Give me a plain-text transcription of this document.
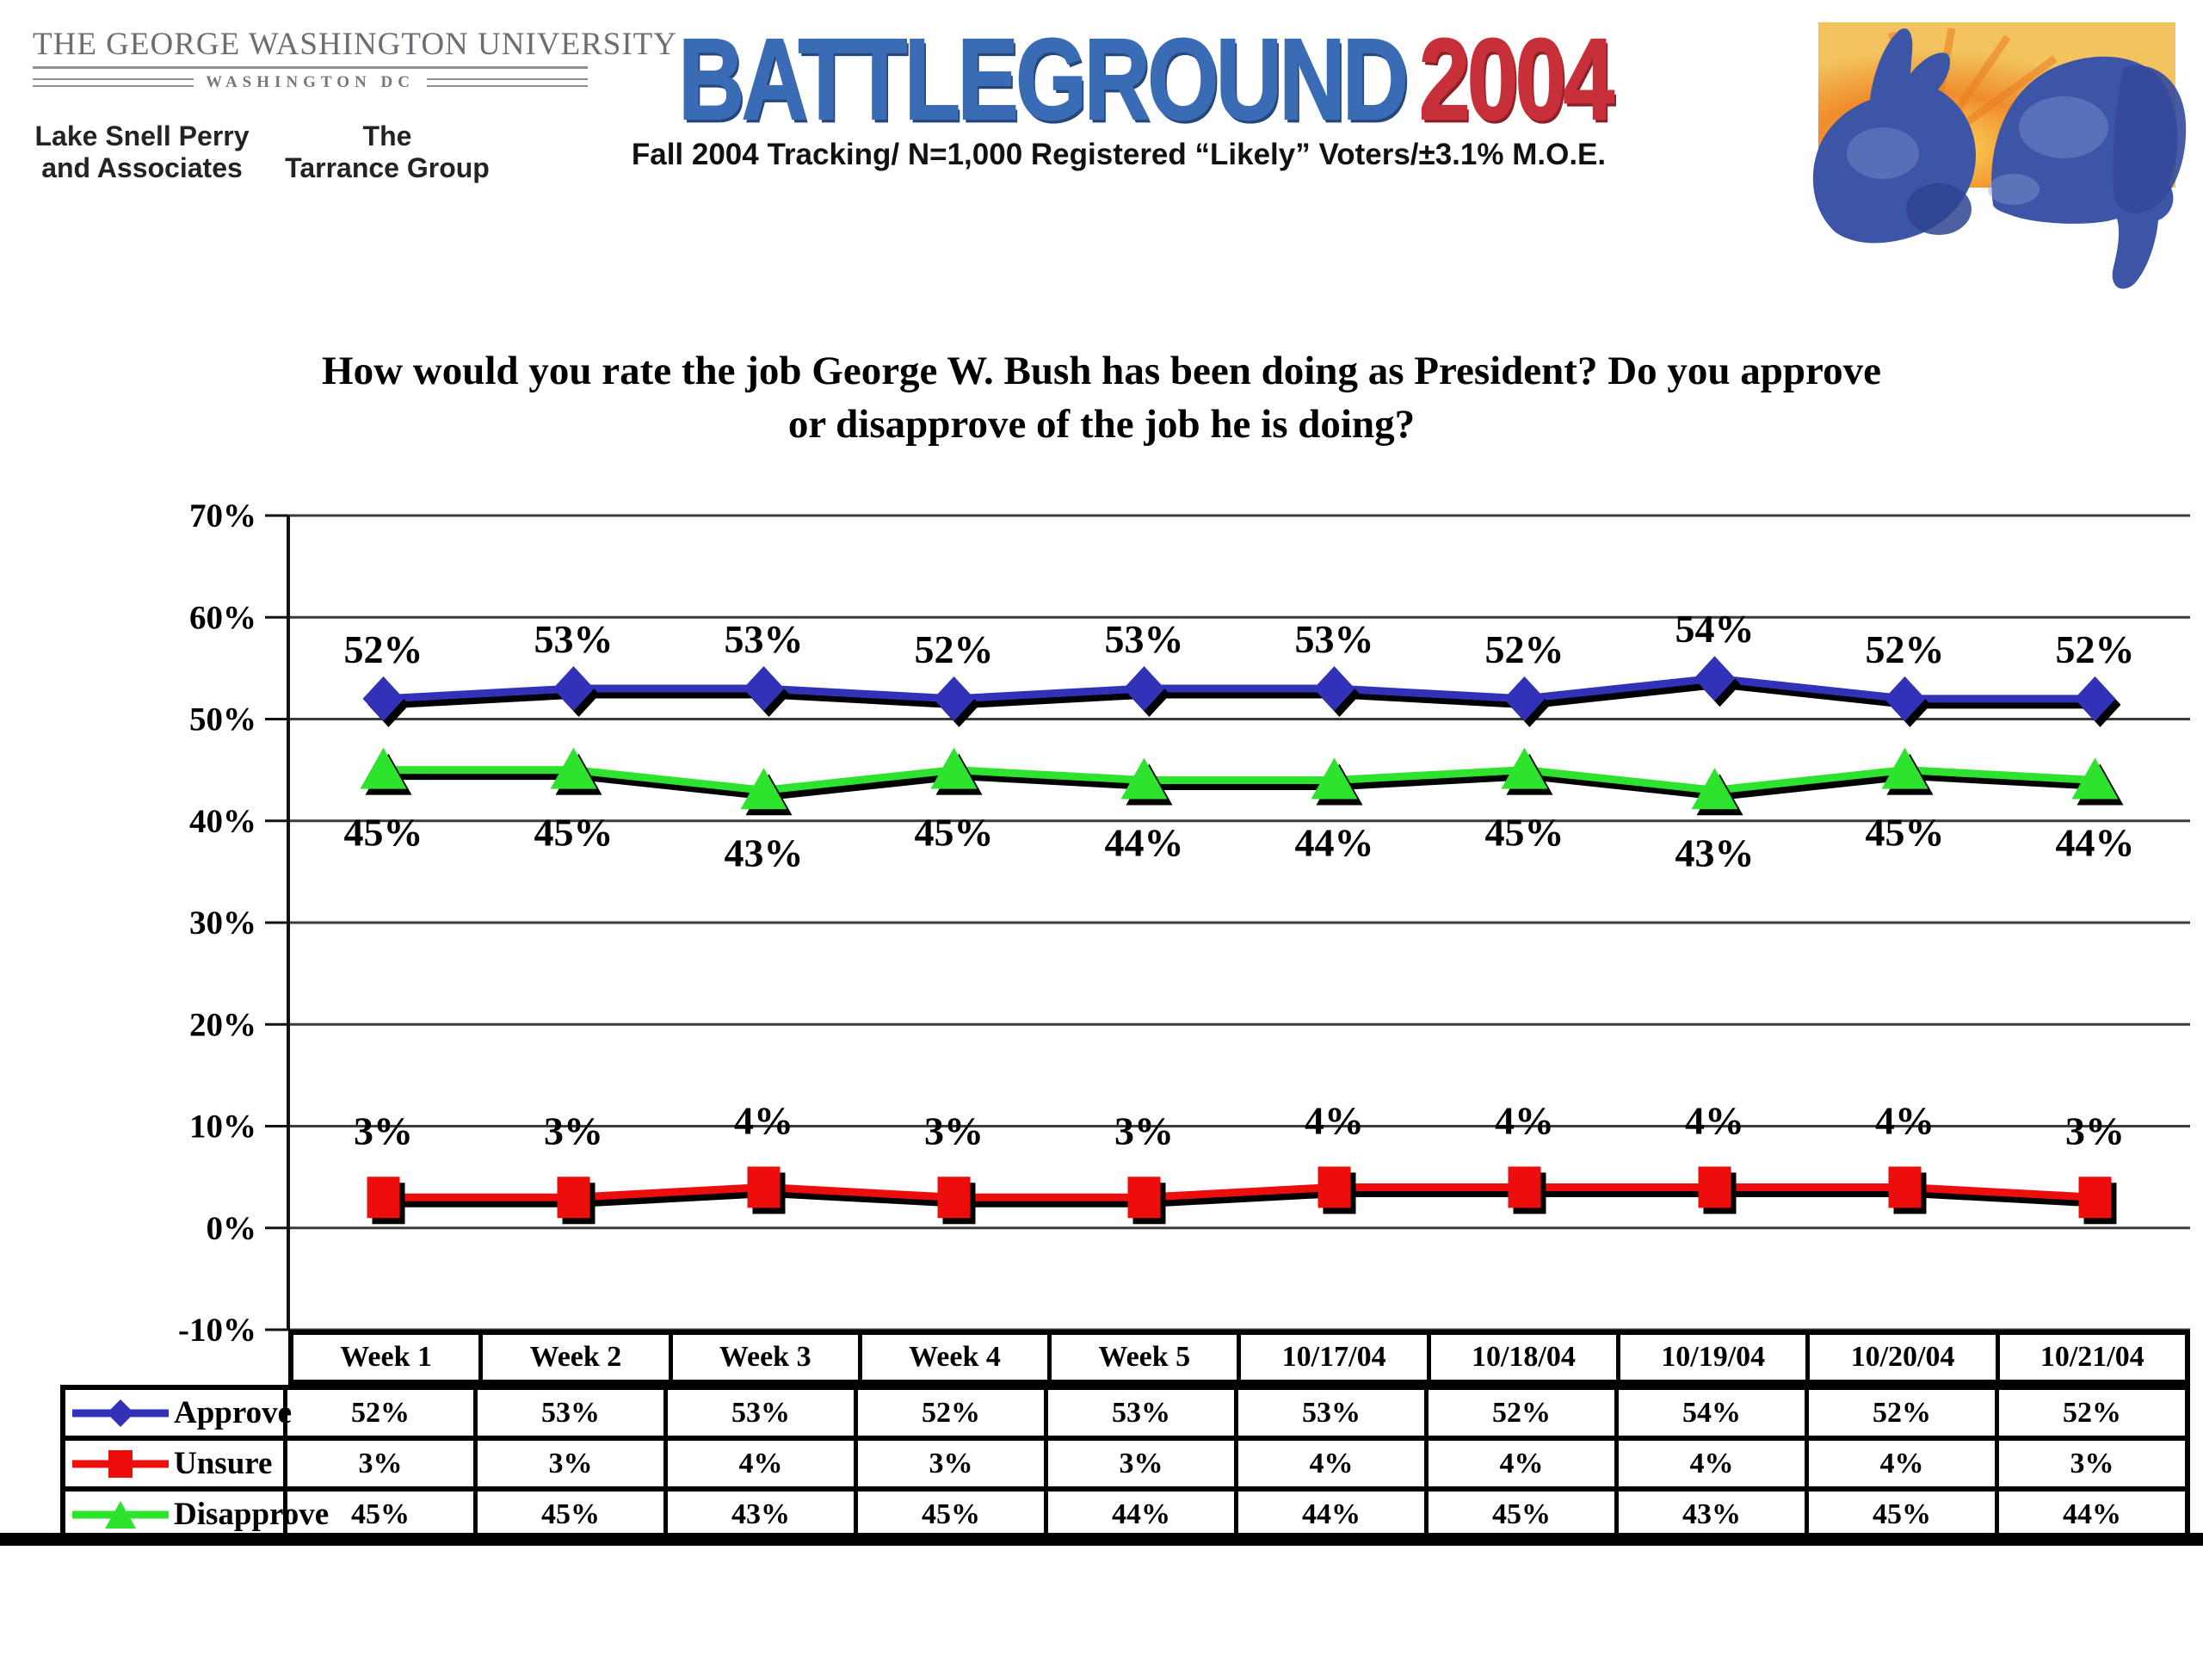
THE GEORGE WASHINGTON UNIVERSITY
WASHINGTON DC
Lake Snell Perry
and Associates
The
Tarrance Group
BATTLEGROUND 2004
Fall 2004 Tracking/ N=1,000 Registered “Likely” Voters/±3.1% M.O.E.
How would you rate the job George W. Bush has been doing as President? Do you approve
or disapprove of the job he is doing?
70%
60%
50%
40%
30%
20%
10%
0%
-10%
52%	53%	53%	52%	53%	53%	52%	54%	52%	52%
3%	3%	4%	3%	3%	4%	4%	4%	4%	3%
45%	45%	43%	45%	44%	44%	45%	43%	45%	44%
Week 1	Week 2	Week 3	Week 4	Week 5	10/17/04	10/18/04	10/19/04	10/20/04	10/21/04
Approve	52%	53%	53%	52%	53%	53%	52%	54%	52%	52%
Unsure	3%	3%	4%	3%	3%	4%	4%	4%	4%	3%
Disapprove 45%	45%	43%	45%	44%	44%	45%	43%	45%	44%
